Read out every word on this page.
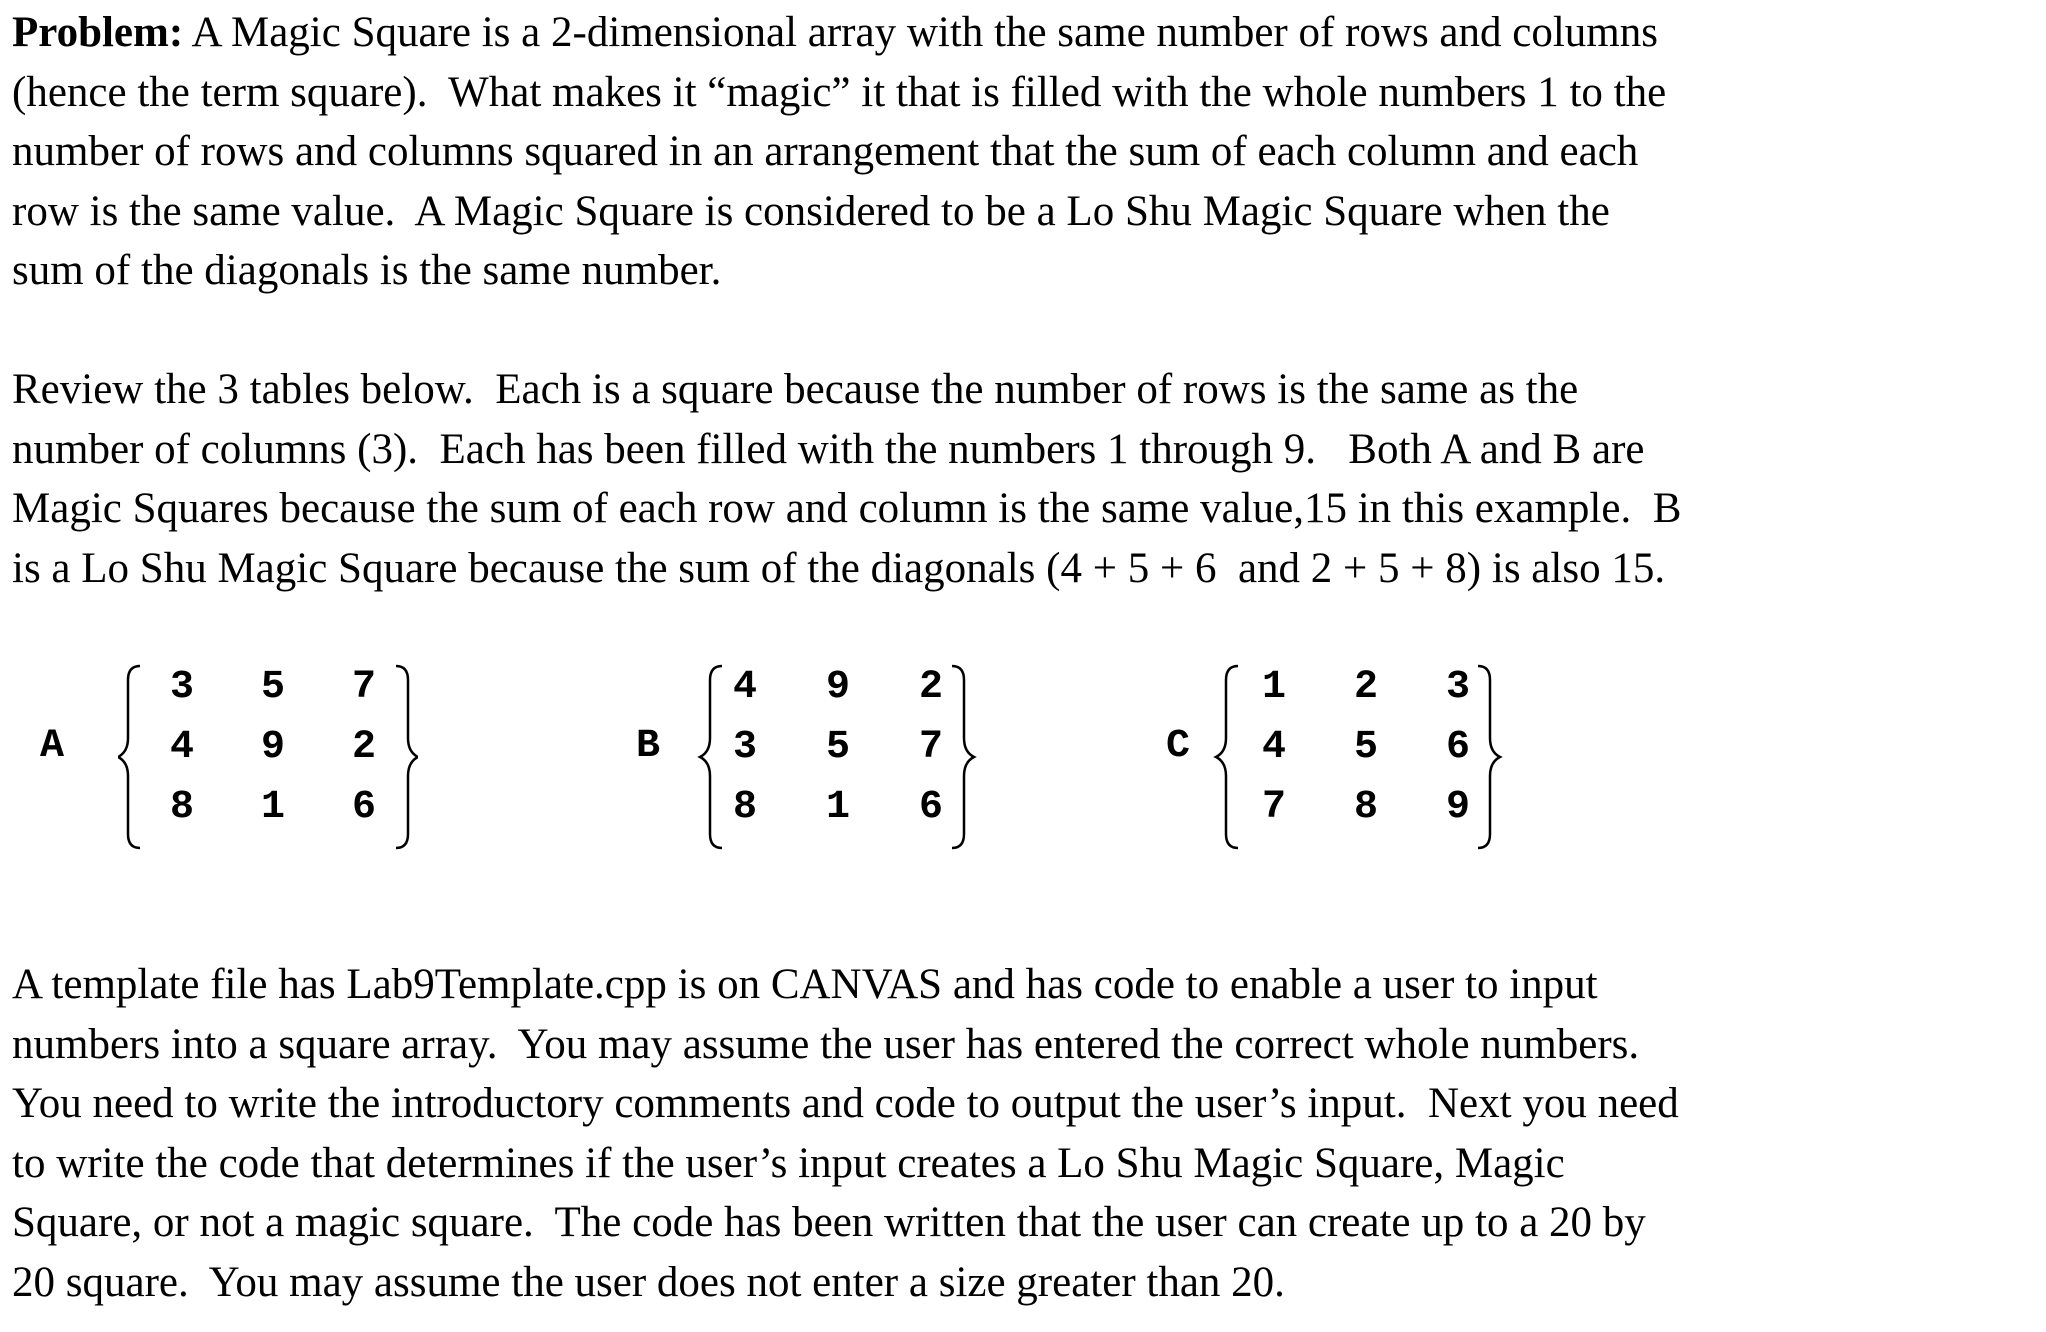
Problem: A Magic Square is a 2-dimensional array with the same number of rows and columns
(hence the term square).  What makes it “magic” it that is filled with the whole numbers 1 to the
number of rows and columns squared in an arrangement that the sum of each column and each
row is the same value.  A Magic Square is considered to be a Lo Shu Magic Square when the
sum of the diagonals is the same number.

Review the 3 tables below.  Each is a square because the number of rows is the same as the
number of columns (3).  Each has been filled with the numbers 1 through 9.   Both A and B are
Magic Squares because the sum of each row and column is the same value,15 in this example.  B
is a Lo Shu Magic Square because the sum of the diagonals (4 + 5 + 6  and 2 + 5 + 8) is also 15.

A
3	5	7
4	9	2
8	1	6
B
4	9	2
3	5	7
8	1	6
C
1	2	3
4	5	6
7	8	9

A template file has Lab9Template.cpp is on CANVAS and has code to enable a user to input
numbers into a square array.  You may assume the user has entered the correct whole numbers.
You need to write the introductory comments and code to output the user’s input.  Next you need
to write the code that determines if the user’s input creates a Lo Shu Magic Square, Magic
Square, or not a magic square.  The code has been written that the user can create up to a 20 by
20 square.  You may assume the user does not enter a size greater than 20.
